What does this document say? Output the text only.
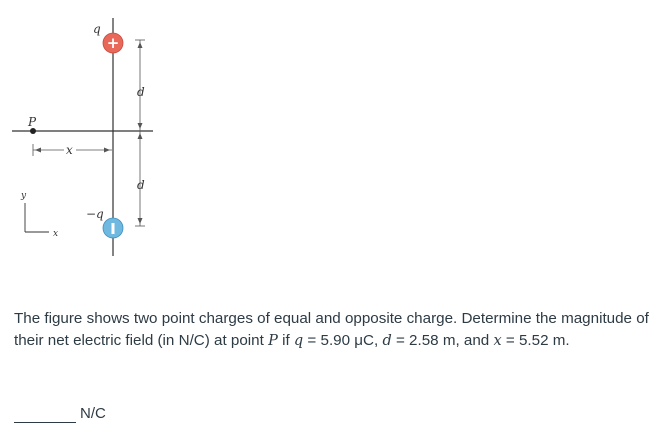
d
d
P
x
q
+
−q
y
x

The figure shows two point charges of equal and opposite charge. Determine the magnitude of their net electric field (in N/C) at point P if q = 5.90 μC, d = 2.58 m, and x = 5.52 m.

N/C
